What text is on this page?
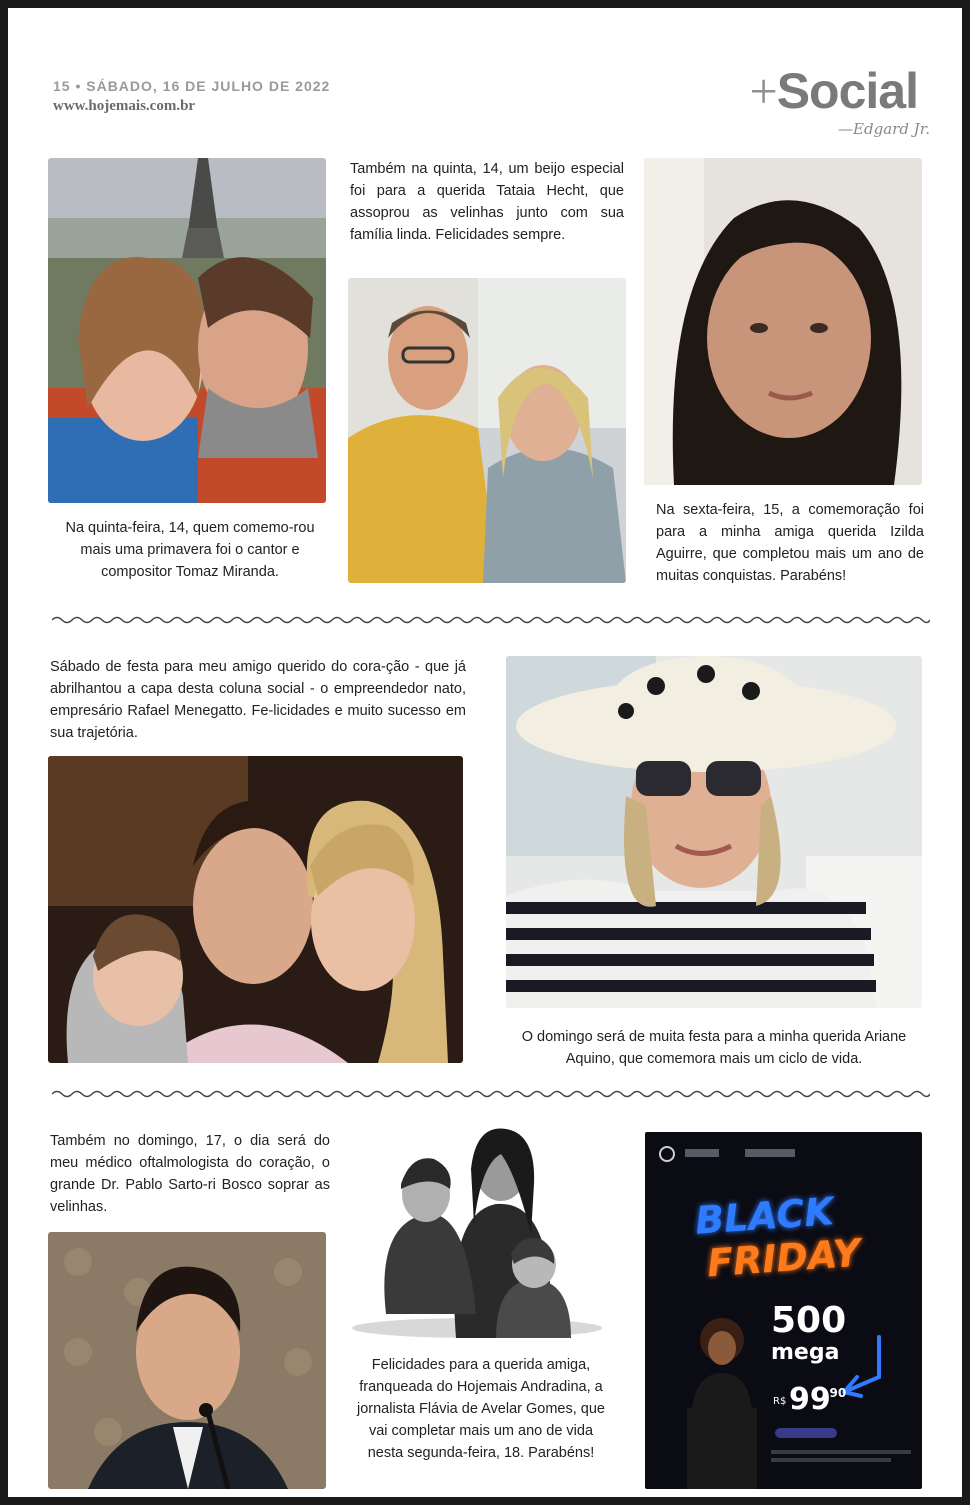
15 • SÁBADO, 16 DE JULHO DE 2022
www.hojemais.com.br	+Social
—Edgard Jr.
Na quinta-feira, 14, quem comemo-rou mais uma primavera foi o cantor e compositor Tomaz Miranda.
Também na quinta, 14, um beijo especial foi para a querida Tataia Hecht, que assoprou as velinhas junto com sua família linda. Felicidades sempre.
Na sexta-feira, 15, a comemoração foi para a minha amiga querida Izilda Aguirre, que completou mais um ano de muitas conquistas. Parabéns!
Sábado de festa para meu amigo querido do cora-ção - que já abrilhantou a capa desta coluna social - o empreendedor nato, empresário Rafael Menegatto. Fe-licidades e muito sucesso em sua trajetória.
O domingo será de muita festa para a minha querida Ariane Aquino, que comemora mais um ciclo de vida.
Também no domingo, 17, o dia será do meu médico oftalmologista do coração, o grande Dr. Pablo Sarto-ri Bosco soprar as velinhas.
Felicidades para a querida amiga, franqueada do Hojemais Andradina, a jornalista Flávia de Avelar Gomes, que vai completar mais um ano de vida nesta segunda-feira, 18. Parabéns!
BLACK
FRIDAY
500
mega
R$ 99
,90
